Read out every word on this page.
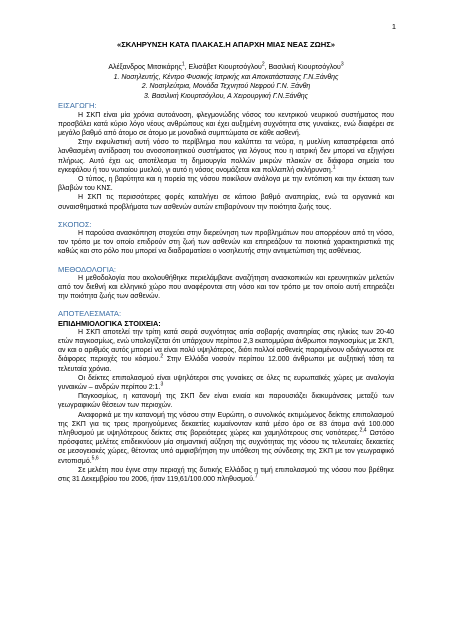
1
«ΣΚΛΗΡΥΝΣΗ ΚΑΤΑ ΠΛΑΚΑΣ.Η ΑΠΑΡΧΗ ΜΙΑΣ ΝΕΑΣ ΖΩΗΣ»
Αλέξανδρος Μιτσικάρης$^1$, Ελισάβετ Κιουρτσόγλου$^2$, Βασιλική Κιουρτσόγλου$^3$
1. Νοσηλευτής, Κέντρο Φυσικής Ιατρικής και Αποκατάστασης Γ.Ν.Ξάνθης
2. Νοσηλεύτρια, Μονάδα Τεχνητού Νεφρού Γ.Ν. Ξάνθη
3. Βασιλική Κιουρτσόγλου, Α Χειρουργική Γ.Ν.Ξάνθης
ΕΙΣΑΓΩΓΗ:

Η ΣΚΠ είναι μία χρόνια αυτοάνοση, φλεγμονώδης νόσος του κεντρικού νευρικού συστήματος που προσβάλει κατά κύριο λόγο νέους ανθρώπους και έχει αυξημένη συχνότητα στις γυναίκες, ενώ διαφέρει σε μεγάλο βαθμό από άτομο σε άτομο με μοναδικά συμπτώματα σε κάθε ασθενή.

Στην εκφυλιστική αυτή νόσο το περίβλημα που καλύπτει τα νεύρα, η μυελίνη καταστρέφεται από λανθασμένη αντίδραση του ανοσοποιητικού συστήματος για λόγους που η ιατρική δεν μπορεί να εξηγήσει πλήρως. Αυτό έχει ως αποτέλεσμα τη δημιουργία πολλών μικρών πλακών σε διάφορα σημεία του εγκεφάλου ή του νωτιαίου μυελού, γι αυτό η νόσος ονομάζεται και πολλαπλή σκλήρυνση.$^1$

Ο τύπος, η βαρύτητα και η πορεία της νόσου ποικίλουν ανάλογα με την εντόπιση και την έκταση των βλαβών του ΚΝΣ.

Η ΣΚΠ τις περισσότερες φορές καταλήγει σε κάποιο βαθμό αναπηρίας, ενώ τα οργανικά και συναισθηματικά προβλήματα των ασθενών αυτών επιβαρύνουν την ποιότητα ζωής τους.

ΣΚΟΠΟΣ:

Η παρούσα ανασκόπηση στοχεύει στην διερεύνηση των προβλημάτων που απορρέουν από τη νόσο, τον τρόπο με τον οποίο επιδρούν στη ζωή των ασθενών και επηρεάζουν τα ποιοτικά χαρακτηριστικά της καθώς και στο ρόλο που μπορεί να διαδραματίσει ο νοσηλευτής στην αντιμετώπιση της ασθένειας.

ΜΕΘΟΔΟΛΟΓΙΑ:

Η μεθοδολογία που ακολουθήθηκε περιελάμβανε αναζήτηση ανασκοπικών και ερευνητικών μελετών από τον διεθνή και ελληνικό χώρο που αναφέρονται στη νόσο και τον τρόπο με τον οποίο αυτή επηρεάζει την ποιότητα ζωής των ασθενών.

ΑΠΟΤΕΛΕΣΜΑΤΑ:
ΕΠΙΔΗΜΙΟΛΟΓΙΚΑ ΣΤΟΙΧΕΙΑ:

Η ΣΚΠ αποτελεί την τρίτη κατά σειρά συχνότητας αιτία σοβαρής αναπηρίας στις ηλικίες των 20-40 ετών παγκοσμίως, ενώ υπολογίζεται ότι υπάρχουν περίπου 2,3 εκατομμύρια άνθρωποι παγκοσμίως με ΣΚΠ, αν και ο αριθμός αυτός μπορεί να είναι πολύ υψηλότερος, διότι πολλοί ασθενείς παραμένουν αδιάγνωστοι σε διάφορες περιοχές του κόσμου.$^2$ Στην Ελλάδα νοσούν περίπου 12.000 άνθρωποι με αυξητική τάση τα τελευταία χρόνια.

Οι δείκτες επιπολασμού είναι υψηλότεροι στις γυναίκες σε όλες τις ευρωπαϊκές χώρες με αναλογία γυναικών – ανδρών περίπου 2:1.$^3$

Παγκοσμίως, η κατανομή της ΣΚΠ δεν είναι ενιαία και παρουσιάζει διακυμάνσεις μεταξύ των γεωγραφικών θέσεων των περιοχών.

Αναφορικά με την κατανομή της νόσου στην Ευρώπη, ο συνολικός εκτιμώμενος δείκτης επιπολασμού της ΣΚΠ για τις τρεις προηγούμενες δεκαετίες κυμαίνονταν κατά μέσο όρο σε 83 άτομα ανά 100.000 πληθυσμού με υψηλότερους δείκτες στις βορειότερες χώρες και χαμηλότερους στις νοτιότερες.$^{2,4}$ Ωστόσο πρόσφατες μελέτες επιδεικνύουν μία σημαντική αύξηση της συχνότητας της νόσου τις τελευταίες δεκαετίες σε μεσογειακές χώρες, θέτοντας υπό αμφισβήτηση την υπόθεση της σύνδεσης της ΣΚΠ με τον γεωγραφικό εντοπισμό.$^{5,6}$

Σε μελέτη που έγινε στην περιοχή της δυτικής Ελλάδας η τιμή επιπολασμού της νόσου που βρέθηκε στις 31 Δεκεμβρίου του 2006, ήταν 119,61/100.000 πληθυσμού.$^7$
